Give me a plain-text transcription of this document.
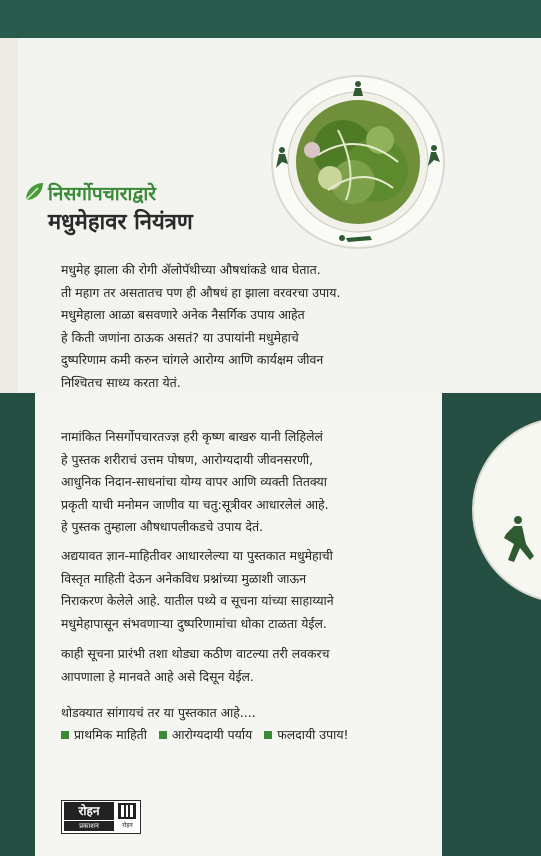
निसर्गोपचाराद्वारे
मधुमेहावर नियंत्रण
मधुमेह झाला की रोगी ॲलोपॅथीच्या औषधांकडे धाव घेतात.
ती महाग तर असतातच पण ही औषधं हा झाला वरवरचा उपाय.
मधुमेहाला आळा बसवणारे अनेक नैसर्गिक उपाय आहेत
हे किती जणांना ठाऊक असतं? या उपायांनी मधुमेहाचे
दुष्परिणाम कमी करुन चांगले आरोग्य आणि कार्यक्षम जीवन
निश्चितच साध्य करता येतं.
नामांकित निसर्गोपचारतज्ज्ञ हरी कृष्ण बाखरु यानी लिहिलेलं
हे पुस्तक शरीराचं उत्तम पोषण, आरोग्यदायी जीवनसरणी,
आधुनिक निदान-साधनांचा योग्य वापर आणि व्यक्ती तितक्या
प्रकृती याची मनोमन जाणीव या चतु:सूत्रीवर आधारलेलं आहे.
हे पुस्तक तुम्हाला औषधापलीकडचे उपाय देतं.
अद्ययावत ज्ञान-माहितीवर आधारलेल्या या पुस्तकात मधुमेहाची
विस्तृत माहिती देऊन अनेकविध प्रश्नांच्या मुळाशी जाऊन
निराकरण केलेले आहे. यातील पथ्ये व सूचना यांच्या साहाय्याने
मधुमेहापासून संभवणाऱ्या दुष्परिणामांचा धोका टाळता येईल.
काही सूचना प्रारंभी तशा थोड्या कठीण वाटल्या तरी लवकरच
आपणाला हे मानवते आहे असे दिसून येईल.
थोडक्यात सांगायचं तर या पुस्तकात आहे....
प्राथमिक माहिती आरोग्यदायी पर्याय फलदायी उपाय!
रोहन
प्रकाशन	रोहन
